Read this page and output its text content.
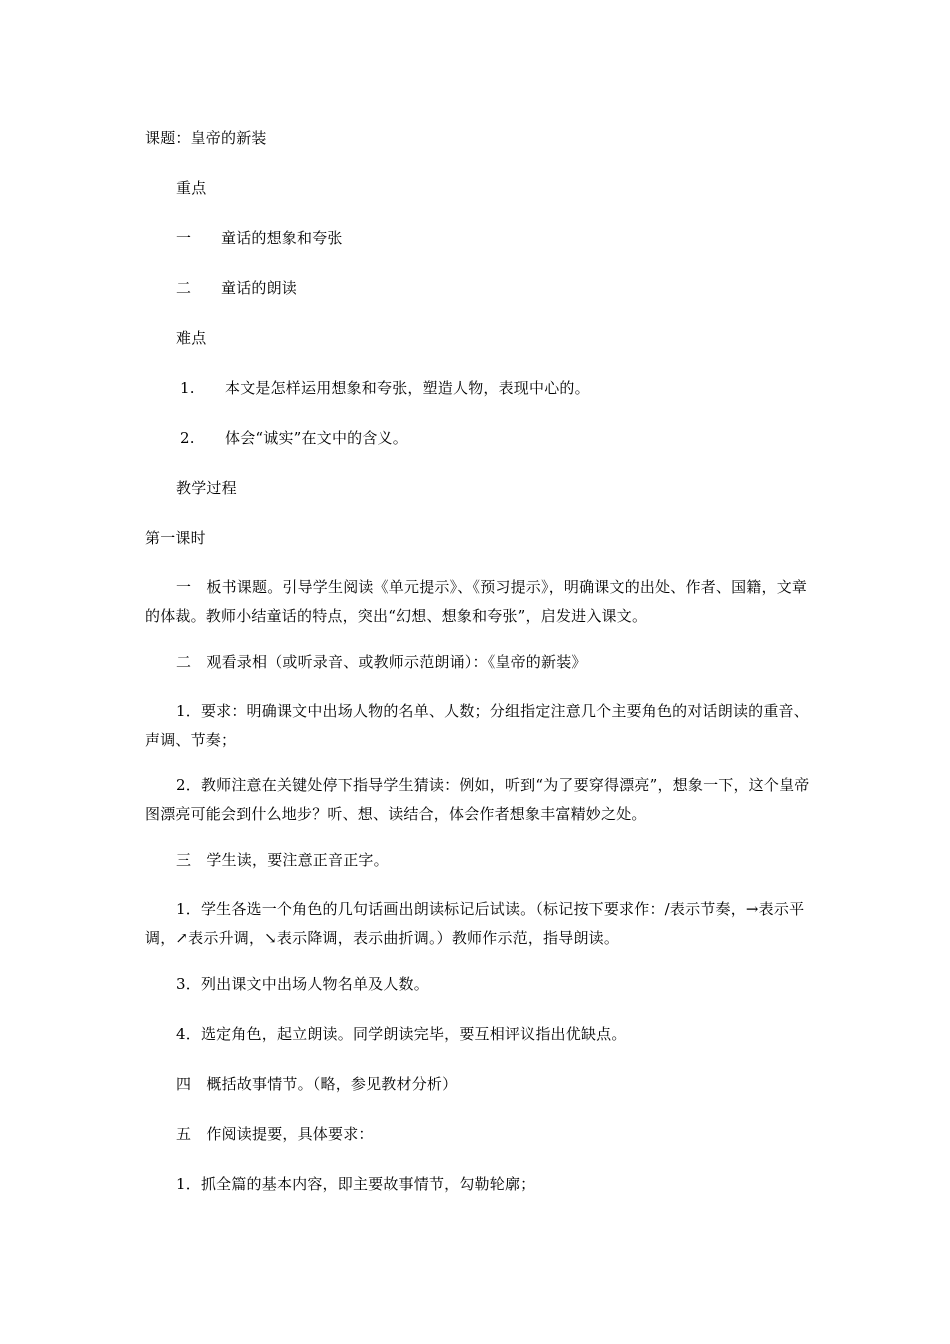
课题：皇帝的新装
重点
一 童话的想象和夸张
二 童话的朗读
难点
1. 本文是怎样运用想象和夸张，塑造人物，表现中心的。
2. 体会“诚实”在文中的含义。
教学过程
第一课时
一　板书课题。引导学生阅读《单元提示》、《预习提示》，明确课文的出处、作者、国籍，文章的体裁。教师小结童话的特点，突出“幻想、想象和夸张”，启发进入课文。
二　观看录相（或听录音、或教师示范朗诵）：《皇帝的新装》
1．要求：明确课文中出场人物的名单、人数；分组指定注意几个主要角色的对话朗读的重音、声调、节奏；
2．教师注意在关键处停下指导学生猜读：例如，听到“为了要穿得漂亮”，想象一下，这个皇帝图漂亮可能会到什么地步？听、想、读结合，体会作者想象丰富精妙之处。
三　学生读，要注意正音正字。
1．学生各选一个角色的几句话画出朗读标记后试读。（标记按下要求作：/表示节奏，→表示平调，↗表示升调，↘表示降调，表示曲折调。）教师作示范，指导朗读。
3．列出课文中出场人物名单及人数。
4．选定角色，起立朗读。同学朗读完毕，要互相评议指出优缺点。
四　概括故事情节。（略，参见教材分析）
五　作阅读提要，具体要求：
1．抓全篇的基本内容，即主要故事情节，勾勒轮廓；
